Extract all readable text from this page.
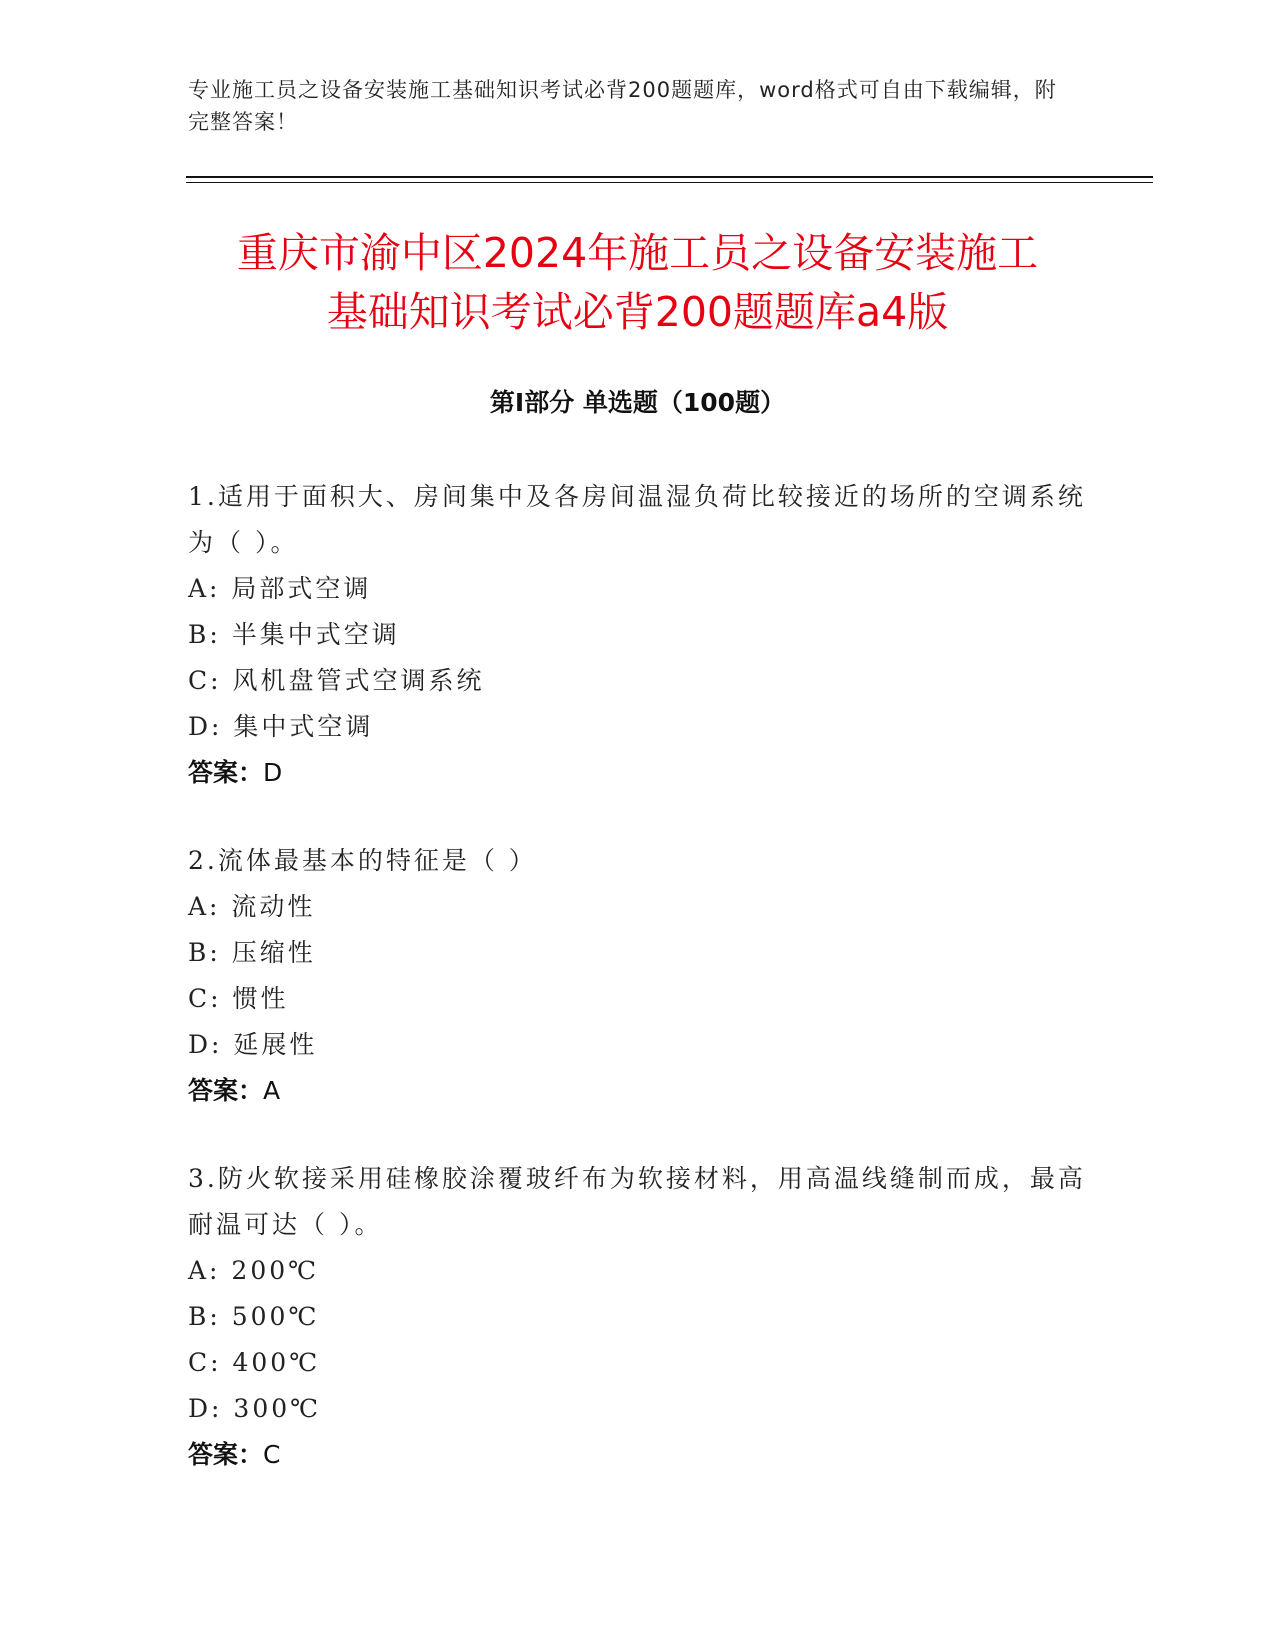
专业施工员之设备安装施工基础知识考试必背200题题库，word格式可自由下载编辑，附完整答案！
重庆市渝中区2024年施工员之设备安装施工
基础知识考试必背200题题库a4版
第Ⅰ部分 单选题（100题）

1.适用于面积大、房间集中及各房间温湿负荷比较接近的场所的空调系统为（ ）。

A: 局部式空调

B: 半集中式空调

C: 风机盘管式空调系统

D: 集中式空调

答案：D

2.流体最基本的特征是（ ）

A: 流动性

B: 压缩性

C: 惯性

D: 延展性

答案：A

3.防火软接采用硅橡胶涂覆玻纤布为软接材料，用高温线缝制而成，最高耐温可达（ ）。

A: 200℃

B: 500℃

C: 400℃

D: 300℃

答案：C
